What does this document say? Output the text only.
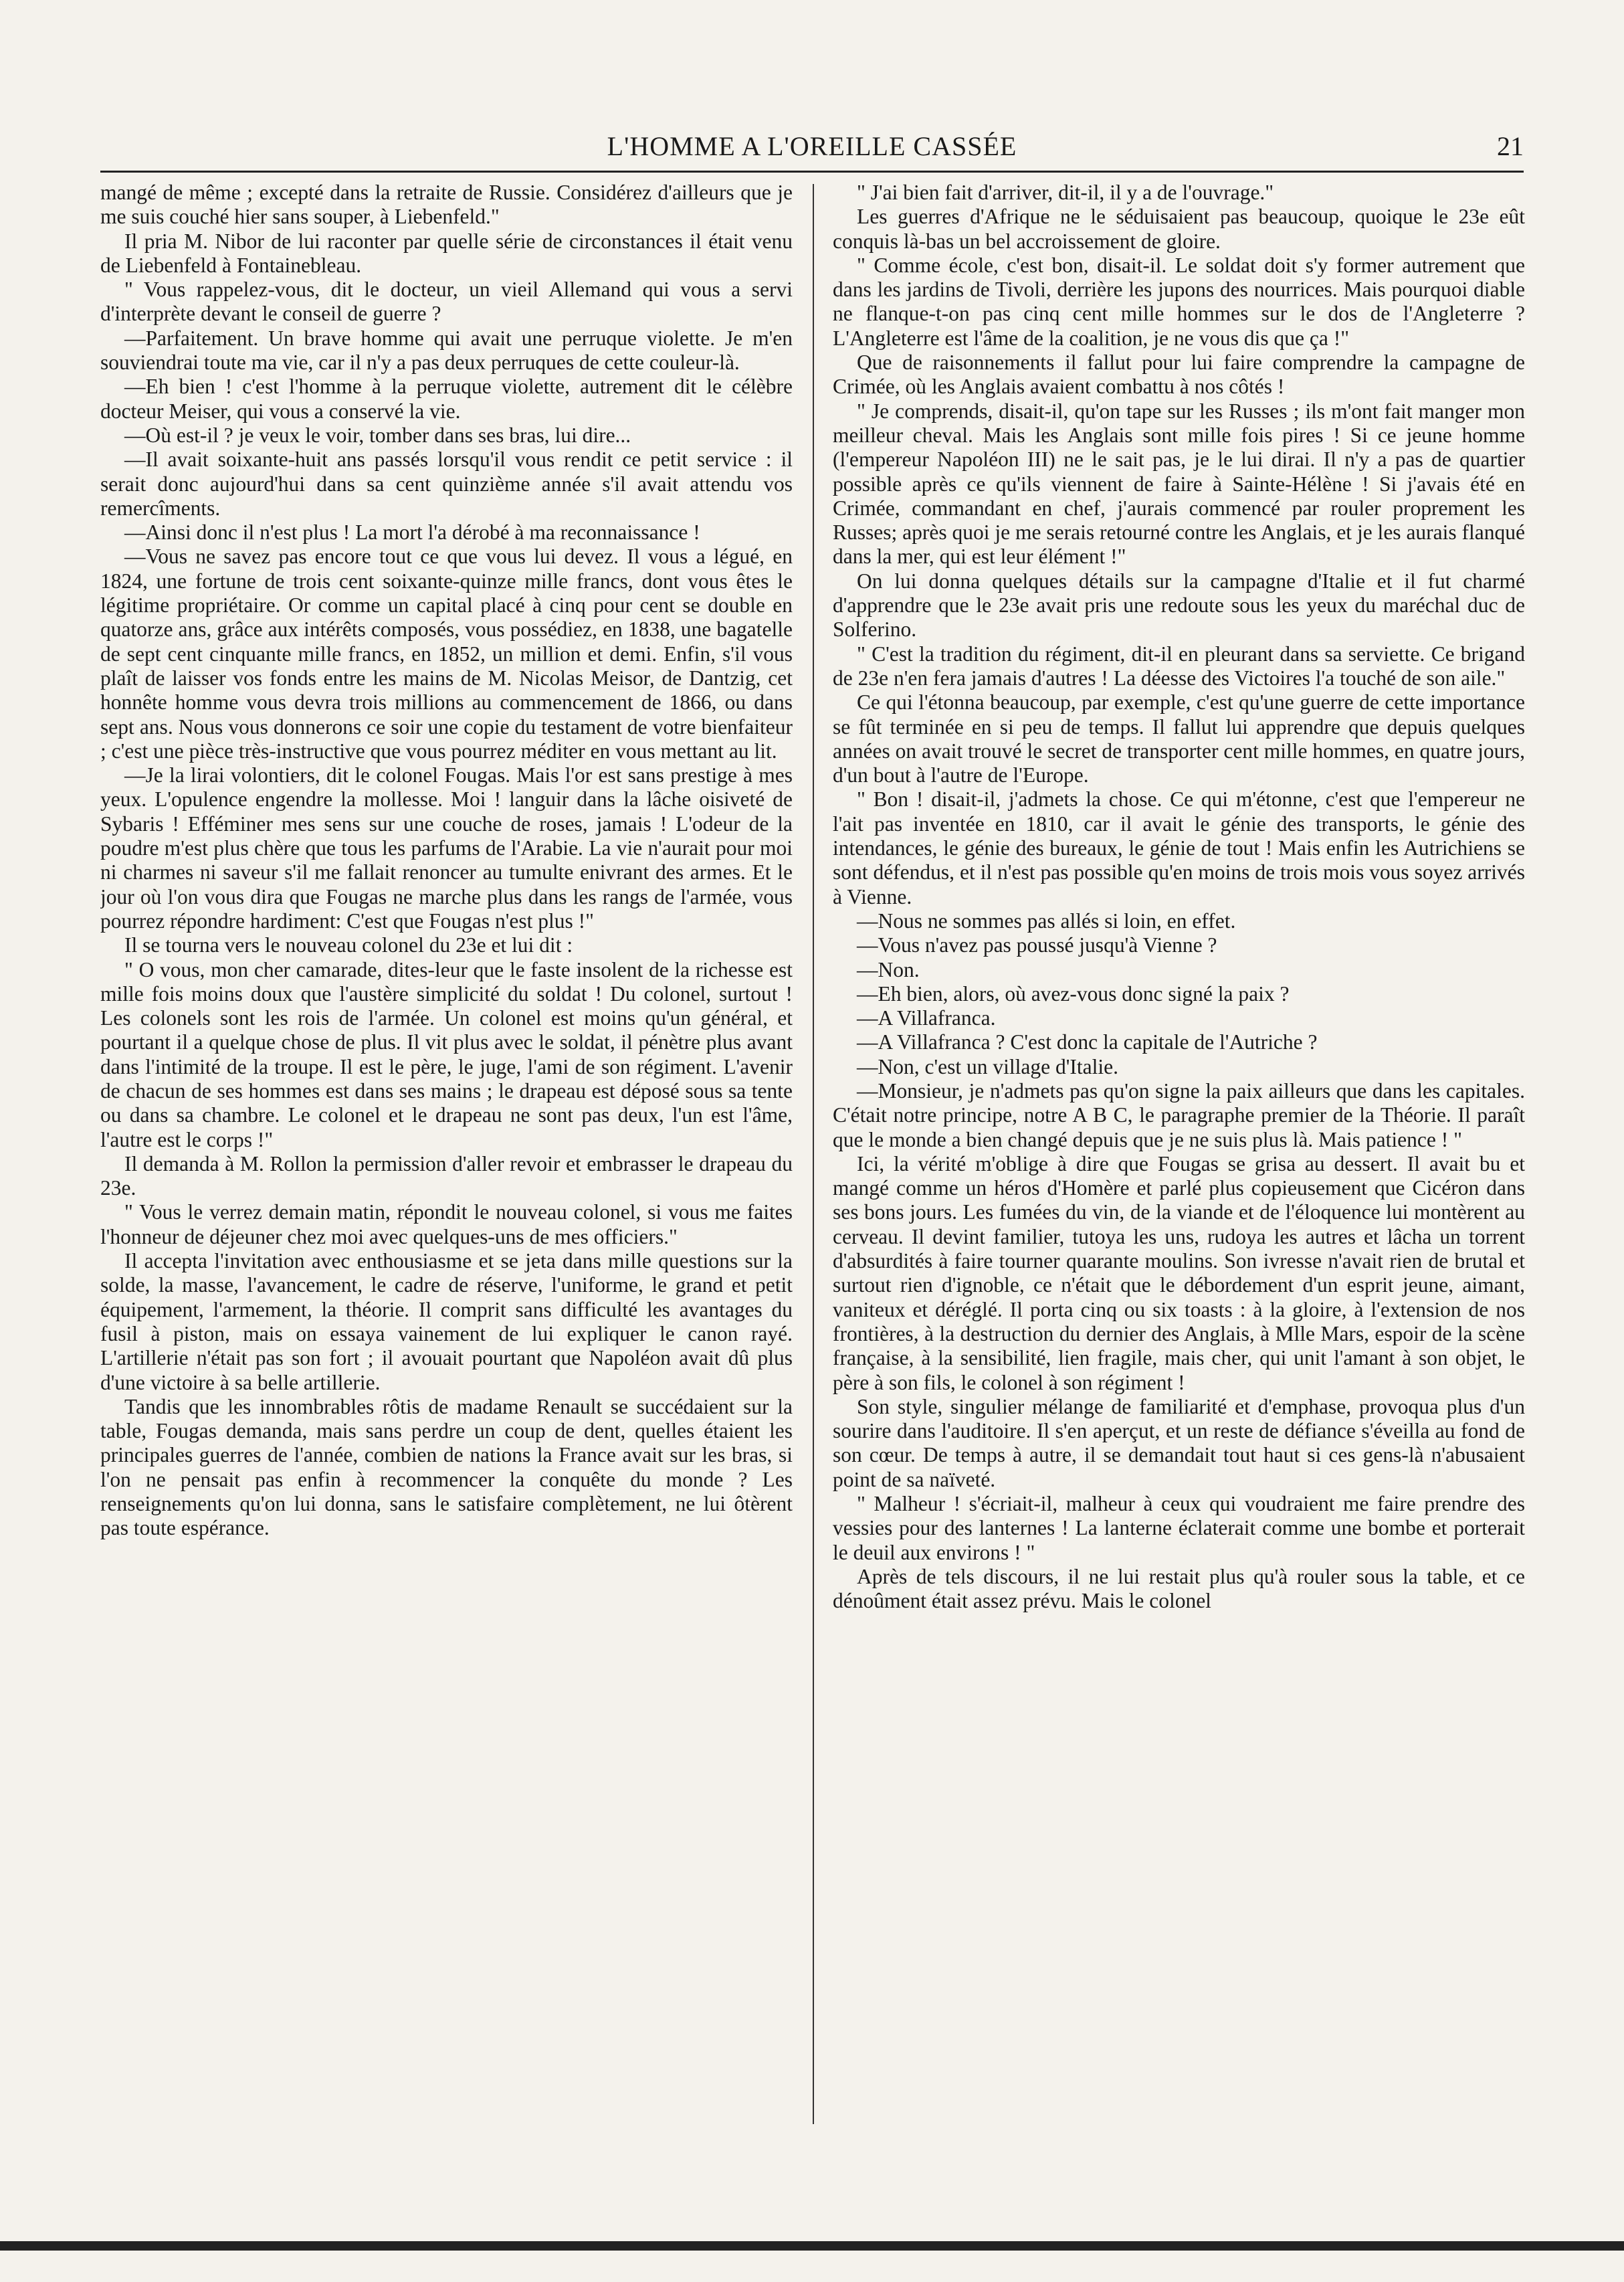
L'HOMME A L'OREILLE CASSÉE	21

mangé de même ; excepté dans la retraite de Russie. Considérez d'ailleurs que je me suis couché hier sans souper, à Liebenfeld."

Il pria M. Nibor de lui raconter par quelle série de circonstances il était venu de Liebenfeld à Fontainebleau.

" Vous rappelez-vous, dit le docteur, un vieil Allemand qui vous a servi d'interprète devant le conseil de guerre ?

—Parfaitement. Un brave homme qui avait une perruque violette. Je m'en souviendrai toute ma vie, car il n'y a pas deux perruques de cette couleur-là.

—Eh bien ! c'est l'homme à la perruque violette, autrement dit le célèbre docteur Meiser, qui vous a conservé la vie.

—Où est-il ? je veux le voir, tomber dans ses bras, lui dire...

—Il avait soixante-huit ans passés lorsqu'il vous rendit ce petit service : il serait donc aujourd'hui dans sa cent quinzième année s'il avait attendu vos remercîments.

—Ainsi donc il n'est plus ! La mort l'a dérobé à ma reconnaissance !

—Vous ne savez pas encore tout ce que vous lui devez. Il vous a légué, en 1824, une fortune de trois cent soixante-quinze mille francs, dont vous êtes le légitime propriétaire. Or comme un capital placé à cinq pour cent se double en quatorze ans, grâce aux intérêts composés, vous possédiez, en 1838, une bagatelle de sept cent cinquante mille francs, en 1852, un million et demi. Enfin, s'il vous plaît de laisser vos fonds entre les mains de M. Nicolas Meisor, de Dantzig, cet honnête homme vous devra trois millions au commencement de 1866, ou dans sept ans. Nous vous donnerons ce soir une copie du testament de votre bienfaiteur ; c'est une pièce très-instructive que vous pourrez méditer en vous mettant au lit.

—Je la lirai volontiers, dit le colonel Fougas. Mais l'or est sans prestige à mes yeux. L'opulence engendre la mollesse. Moi ! languir dans la lâche oisiveté de Sybaris ! Efféminer mes sens sur une couche de roses, jamais ! L'odeur de la poudre m'est plus chère que tous les parfums de l'Arabie. La vie n'aurait pour moi ni charmes ni saveur s'il me fallait renoncer au tumulte enivrant des armes. Et le jour où l'on vous dira que Fougas ne marche plus dans les rangs de l'armée, vous pourrez répondre hardiment: C'est que Fougas n'est plus !"

Il se tourna vers le nouveau colonel du 23e et lui dit :

" O vous, mon cher camarade, dites-leur que le faste insolent de la richesse est mille fois moins doux que l'austère simplicité du soldat ! Du colonel, surtout ! Les colonels sont les rois de l'armée. Un colonel est moins qu'un général, et pourtant il a quelque chose de plus. Il vit plus avec le soldat, il pénètre plus avant dans l'intimité de la troupe. Il est le père, le juge, l'ami de son régiment. L'avenir de chacun de ses hommes est dans ses mains ; le drapeau est déposé sous sa tente ou dans sa chambre. Le colonel et le drapeau ne sont pas deux, l'un est l'âme, l'autre est le corps !"

Il demanda à M. Rollon la permission d'aller revoir et embrasser le drapeau du 23e.

" Vous le verrez demain matin, répondit le nouveau colonel, si vous me faites l'honneur de déjeuner chez moi avec quelques-uns de mes officiers."

Il accepta l'invitation avec enthousiasme et se jeta dans mille questions sur la solde, la masse, l'avancement, le cadre de réserve, l'uniforme, le grand et petit équipement, l'armement, la théorie. Il comprit sans difficulté les avantages du fusil à piston, mais on essaya vainement de lui expliquer le canon rayé. L'artillerie n'était pas son fort ; il avouait pourtant que Napoléon avait dû plus d'une victoire à sa belle artillerie.

Tandis que les innombrables rôtis de madame Renault se succédaient sur la table, Fougas demanda, mais sans perdre un coup de dent, quelles étaient les principales guerres de l'année, combien de nations la France avait sur les bras, si l'on ne pensait pas enfin à recommencer la conquête du monde ? Les renseignements qu'on lui donna, sans le satisfaire complètement, ne lui ôtèrent pas toute espérance.

" J'ai bien fait d'arriver, dit-il, il y a de l'ouvrage."

Les guerres d'Afrique ne le séduisaient pas beaucoup, quoique le 23e eût conquis là-bas un bel accroissement de gloire.

" Comme école, c'est bon, disait-il. Le soldat doit s'y former autrement que dans les jardins de Tivoli, derrière les jupons des nourrices. Mais pourquoi diable ne flanque-t-on pas cinq cent mille hommes sur le dos de l'Angleterre ? L'Angleterre est l'âme de la coalition, je ne vous dis que ça !"

Que de raisonnements il fallut pour lui faire comprendre la campagne de Crimée, où les Anglais avaient combattu à nos côtés !

" Je comprends, disait-il, qu'on tape sur les Russes ; ils m'ont fait manger mon meilleur cheval. Mais les Anglais sont mille fois pires ! Si ce jeune homme (l'empereur Napoléon III) ne le sait pas, je le lui dirai. Il n'y a pas de quartier possible après ce qu'ils viennent de faire à Sainte-Hélène ! Si j'avais été en Crimée, commandant en chef, j'aurais commencé par rouler proprement les Russes; après quoi je me serais retourné contre les Anglais, et je les aurais flanqué dans la mer, qui est leur élément !"

On lui donna quelques détails sur la campagne d'Italie et il fut charmé d'apprendre que le 23e avait pris une redoute sous les yeux du maréchal duc de Solferino.

" C'est la tradition du régiment, dit-il en pleurant dans sa serviette. Ce brigand de 23e n'en fera jamais d'autres ! La déesse des Victoires l'a touché de son aile."

Ce qui l'étonna beaucoup, par exemple, c'est qu'une guerre de cette importance se fût terminée en si peu de temps. Il fallut lui apprendre que depuis quelques années on avait trouvé le secret de transporter cent mille hommes, en quatre jours, d'un bout à l'autre de l'Europe.

" Bon ! disait-il, j'admets la chose. Ce qui m'étonne, c'est que l'empereur ne l'ait pas inventée en 1810, car il avait le génie des transports, le génie des intendances, le génie des bureaux, le génie de tout ! Mais enfin les Autrichiens se sont défendus, et il n'est pas possible qu'en moins de trois mois vous soyez arrivés à Vienne.

—Nous ne sommes pas allés si loin, en effet.

—Vous n'avez pas poussé jusqu'à Vienne ?

—Non.

—Eh bien, alors, où avez-vous donc signé la paix ?

—A Villafranca.

—A Villafranca ? C'est donc la capitale de l'Autriche ?

—Non, c'est un village d'Italie.

—Monsieur, je n'admets pas qu'on signe la paix ailleurs que dans les capitales. C'était notre principe, notre A B C, le paragraphe premier de la Théorie. Il paraît que le monde a bien changé depuis que je ne suis plus là. Mais patience ! "

Ici, la vérité m'oblige à dire que Fougas se grisa au dessert. Il avait bu et mangé comme un héros d'Homère et parlé plus copieusement que Cicéron dans ses bons jours. Les fumées du vin, de la viande et de l'éloquence lui montèrent au cerveau. Il devint familier, tutoya les uns, rudoya les autres et lâcha un torrent d'absurdités à faire tourner quarante moulins. Son ivresse n'avait rien de brutal et surtout rien d'ignoble, ce n'était que le débordement d'un esprit jeune, aimant, vaniteux et déréglé. Il porta cinq ou six toasts : à la gloire, à l'extension de nos frontières, à la destruction du dernier des Anglais, à Mlle Mars, espoir de la scène française, à la sensibilité, lien fragile, mais cher, qui unit l'amant à son objet, le père à son fils, le colonel à son régiment !

Son style, singulier mélange de familiarité et d'emphase, provoqua plus d'un sourire dans l'auditoire. Il s'en aperçut, et un reste de défiance s'éveilla au fond de son cœur. De temps à autre, il se demandait tout haut si ces gens-là n'abusaient point de sa naïveté.

" Malheur ! s'écriait-il, malheur à ceux qui voudraient me faire prendre des vessies pour des lanternes ! La lanterne éclaterait comme une bombe et porterait le deuil aux environs ! "

Après de tels discours, il ne lui restait plus qu'à rouler sous la table, et ce dénoûment était assez prévu. Mais le colonel
